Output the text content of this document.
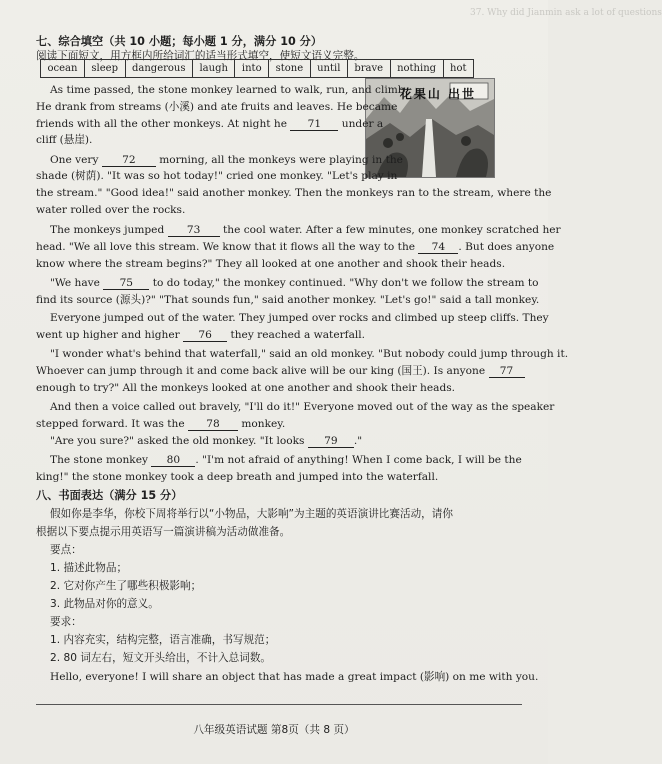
37. Why did Jianmin ask a lot of questions
七、综合填空（共 10 小题；每小题 1 分，满分 10 分）
阅读下面短文，用方框内所给词汇的适当形式填空，使短文语义完整。
ocean	sleep	dangerous	laugh	into	stone	until	brave	nothing	hot
花果山 出世
As time passed, the stone monkey learned to walk, run, and climb.
He drank from streams (小溪) and ate fruits and leaves. He became
friends with all the other monkeys. At night he 71 under a
cliff (悬崖).
One very 72 morning, all the monkeys were playing in the
shade (树荫). "It was so hot today!" cried one monkey. "Let's play in
the stream." "Good idea!" said another monkey. Then the monkeys ran to the stream, where the
water rolled over the rocks.
The monkeys jumped 73 the cool water. After a few minutes, one monkey scratched her
head. "We all love this stream. We know that it flows all the way to the 74 . But does anyone
know where the stream begins?" They all looked at one another and shook their heads.
"We have 75 to do today," the monkey continued. "Why don't we follow the stream to
find its source (源头)?" "That sounds fun," said another monkey. "Let's go!" said a tall monkey.
Everyone jumped out of the water. They jumped over rocks and climbed up steep cliffs. They
went up higher and higher 76 they reached a waterfall.
"I wonder what's behind that waterfall," said an old monkey. "But nobody could jump through it.
Whoever can jump through it and come back alive will be our king (国王). Is anyone 77
enough to try?" All the monkeys looked at one another and shook their heads.
And then a voice called out bravely, "I'll do it!" Everyone moved out of the way as the speaker
stepped forward. It was the 78 monkey.
"Are you sure?" asked the old monkey. "It looks 79 ."
The stone monkey 80 . "I'm not afraid of anything! When I come back, I will be the
king!" the stone monkey took a deep breath and jumped into the waterfall.
八、书面表达（满分 15 分）
假如你是李华，你校下周将举行以“小物品，大影响”为主题的英语演讲比赛活动，请你
根据以下要点提示用英语写一篇演讲稿为活动做准备。
要点：
1. 描述此物品；
2. 它对你产生了哪些积极影响；
3. 此物品对你的意义。
要求：
1. 内容充实，结构完整，语言准确，书写规范；
2. 80 词左右，短文开头给出，不计入总词数。
Hello, everyone! I will share an object that has made a great impact (影响) on me with you.
八年级英语试题 第8页（共 8 页）
